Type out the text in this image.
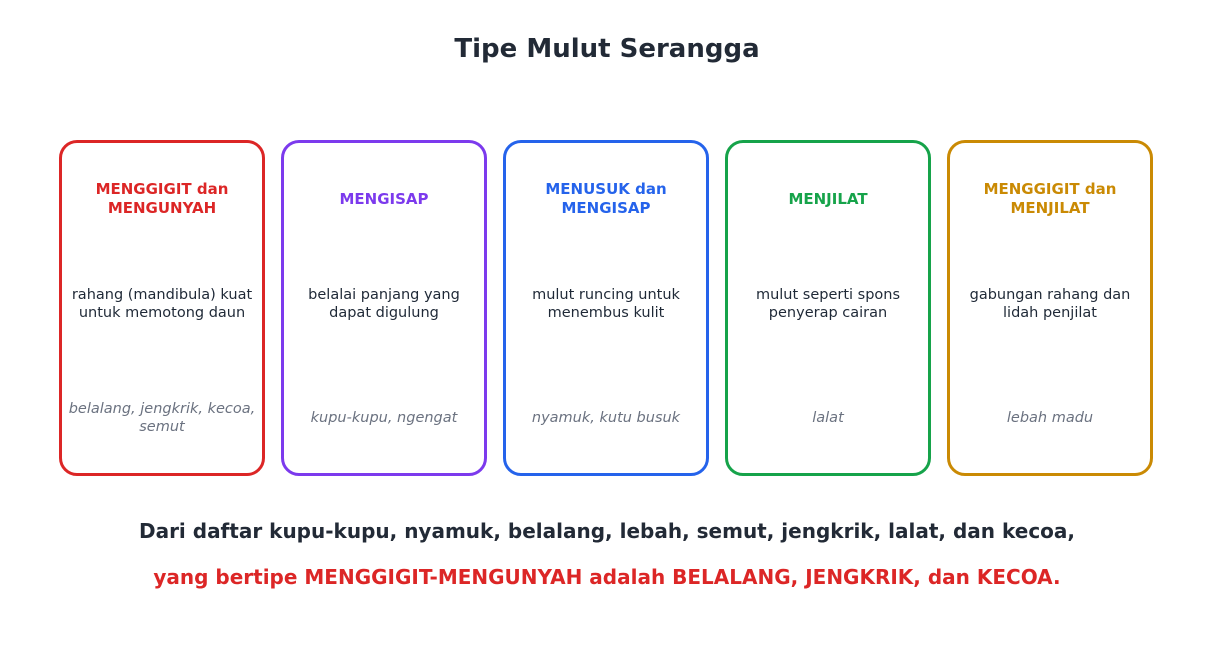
Tipe Mulut Serangga
MENGGIGIT dan MENGUNYAH
rahang (mandibula) kuat untuk memotong daun
belalang, jengkrik, kecoa, semut
MENGISAP
belalai panjang yang dapat digulung
kupu-kupu, ngengat
MENUSUK dan MENGISAP
mulut runcing untuk menembus kulit
nyamuk, kutu busuk
MENJILAT
mulut seperti spons penyerap cairan
lalat
MENGGIGIT dan MENJILAT
gabungan rahang dan lidah penjilat
lebah madu
Dari daftar kupu-kupu, nyamuk, belalang, lebah, semut, jengkrik, lalat, dan kecoa,
yang bertipe MENGGIGIT-MENGUNYAH adalah BELALANG, JENGKRIK, dan KECOA.
